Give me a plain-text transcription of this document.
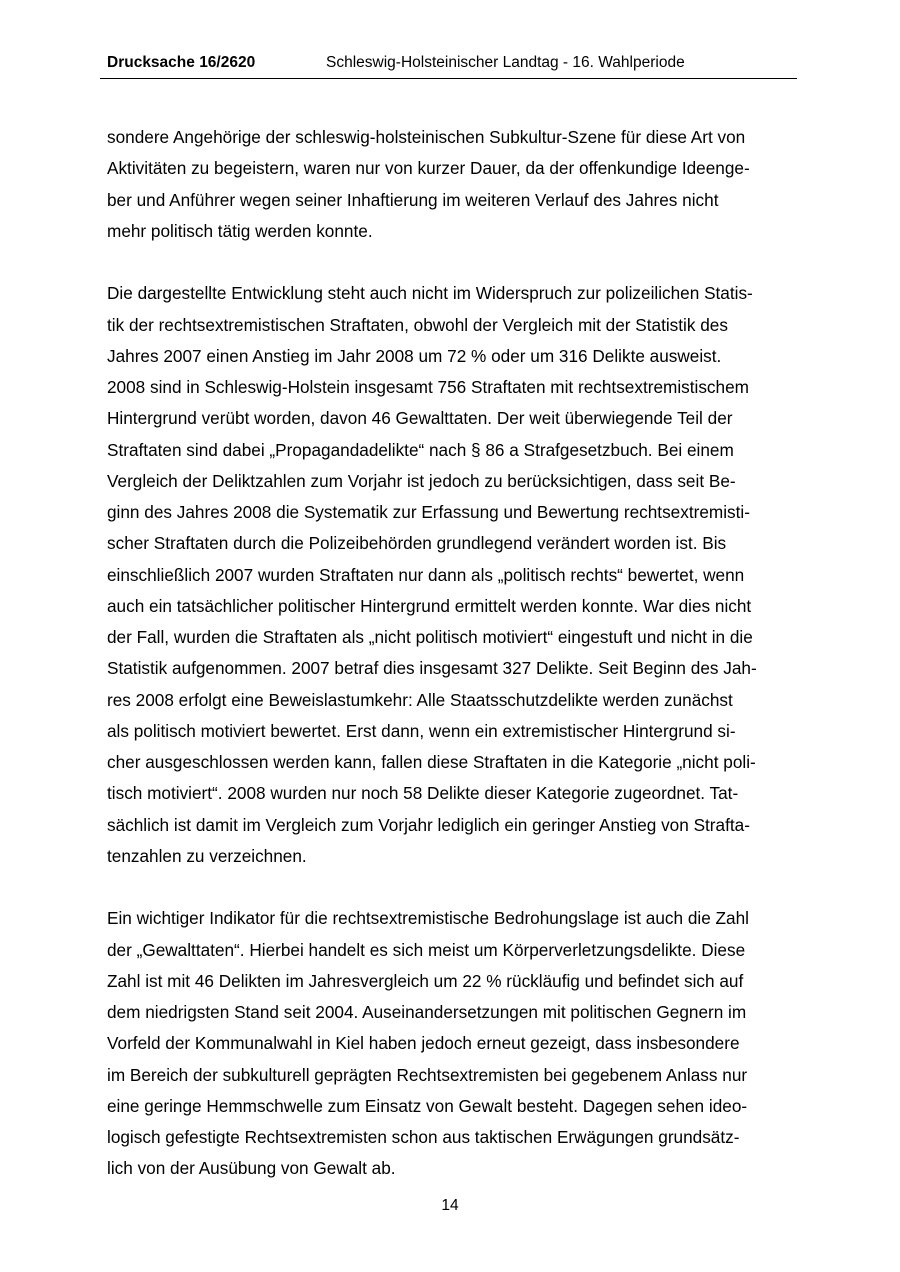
Drucksache 16/2620	Schleswig-Holsteinischer Landtag - 16. Wahlperiode
sondere Angehörige der schleswig-holsteinischen Subkultur-Szene für diese Art von
Aktivitäten zu begeistern, waren nur von kurzer Dauer, da der offenkundige Ideenge-
ber und Anführer wegen seiner Inhaftierung im weiteren Verlauf des Jahres nicht
mehr politisch tätig werden konnte.
Die dargestellte Entwicklung steht auch nicht im Widerspruch zur polizeilichen Statis-
tik der rechtsextremistischen Straftaten, obwohl der Vergleich mit der Statistik des
Jahres 2007 einen Anstieg im Jahr 2008 um 72 % oder um 316 Delikte ausweist.
2008 sind in Schleswig-Holstein insgesamt 756 Straftaten mit rechtsextremistischem
Hintergrund verübt worden, davon 46 Gewalttaten. Der weit überwiegende Teil der
Straftaten sind dabei „Propagandadelikte“ nach § 86 a Strafgesetzbuch. Bei einem
Vergleich der Deliktzahlen zum Vorjahr ist jedoch zu berücksichtigen, dass seit Be-
ginn des Jahres 2008 die Systematik zur Erfassung und Bewertung rechtsextremisti-
scher Straftaten durch die Polizeibehörden grundlegend verändert worden ist. Bis
einschließlich 2007 wurden Straftaten nur dann als „politisch rechts“ bewertet, wenn
auch ein tatsächlicher politischer Hintergrund ermittelt werden konnte. War dies nicht
der Fall, wurden die Straftaten als „nicht politisch motiviert“ eingestuft und nicht in die
Statistik aufgenommen. 2007 betraf dies insgesamt 327 Delikte. Seit Beginn des Jah-
res 2008 erfolgt eine Beweislastumkehr: Alle Staatsschutzdelikte werden zunächst
als politisch motiviert bewertet. Erst dann, wenn ein extremistischer Hintergrund si-
cher ausgeschlossen werden kann, fallen diese Straftaten in die Kategorie „nicht poli-
tisch motiviert“. 2008 wurden nur noch 58 Delikte dieser Kategorie zugeordnet. Tat-
sächlich ist damit im Vergleich zum Vorjahr lediglich ein geringer Anstieg von Strafta-
tenzahlen zu verzeichnen.
Ein wichtiger Indikator für die rechtsextremistische Bedrohungslage ist auch die Zahl
der „Gewalttaten“. Hierbei handelt es sich meist um Körperverletzungsdelikte. Diese
Zahl ist mit 46 Delikten im Jahresvergleich um 22 % rückläufig und befindet sich auf
dem niedrigsten Stand seit 2004. Auseinandersetzungen mit politischen Gegnern im
Vorfeld der Kommunalwahl in Kiel haben jedoch erneut gezeigt, dass insbesondere
im Bereich der subkulturell geprägten Rechtsextremisten bei gegebenem Anlass nur
eine geringe Hemmschwelle zum Einsatz von Gewalt besteht. Dagegen sehen ideo-
logisch gefestigte Rechtsextremisten schon aus taktischen Erwägungen grundsätz-
lich von der Ausübung von Gewalt ab.
14
